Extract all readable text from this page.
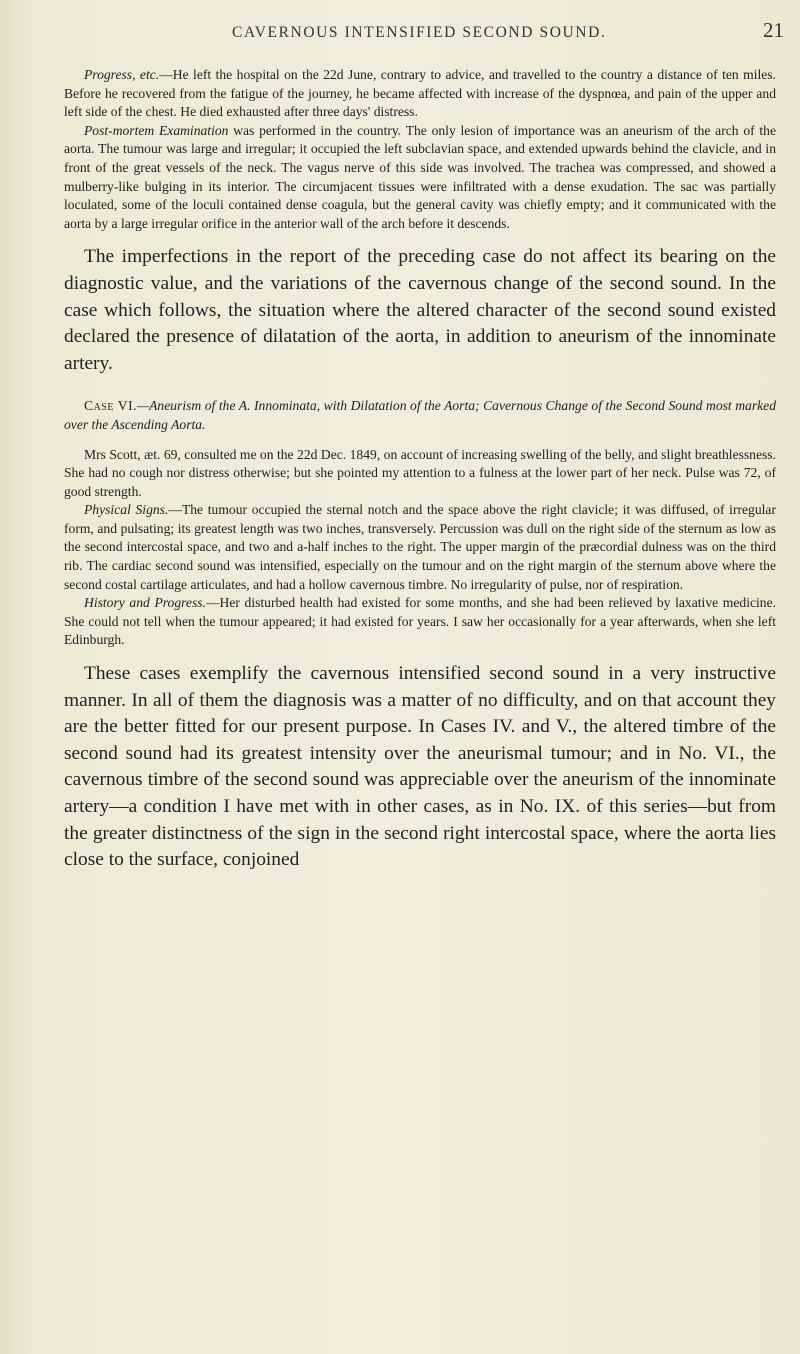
CAVERNOUS INTENSIFIED SECOND SOUND.	21

Progress, etc.—He left the hospital on the 22d June, contrary to advice, and travelled to the country a distance of ten miles. Before he recovered from the fatigue of the journey, he became affected with increase of the dyspnœa, and pain of the upper and left side of the chest. He died exhausted after three days' distress.

Post-mortem Examination was performed in the country. The only lesion of importance was an aneurism of the arch of the aorta. The tumour was large and irregular; it occupied the left subclavian space, and extended upwards behind the clavicle, and in front of the great vessels of the neck. The vagus nerve of this side was involved. The trachea was compressed, and showed a mulberry-like bulging in its interior. The circumjacent tissues were infiltrated with a dense exudation. The sac was partially loculated, some of the loculi contained dense coagula, but the general cavity was chiefly empty; and it communicated with the aorta by a large irregular orifice in the anterior wall of the arch before it descends.

The imperfections in the report of the preceding case do not affect its bearing on the diagnostic value, and the variations of the cavernous change of the second sound. In the case which follows, the situation where the altered character of the second sound existed declared the presence of dilatation of the aorta, in addition to aneurism of the innominate artery.

Case VI.—Aneurism of the A. Innominata, with Dilatation of the Aorta; Cavernous Change of the Second Sound most marked over the Ascending Aorta.

Mrs Scott, æt. 69, consulted me on the 22d Dec. 1849, on account of increasing swelling of the belly, and slight breathlessness. She had no cough nor distress otherwise; but she pointed my attention to a fulness at the lower part of her neck. Pulse was 72, of good strength.

Physical Signs.—The tumour occupied the sternal notch and the space above the right clavicle; it was diffused, of irregular form, and pulsating; its greatest length was two inches, transversely. Percussion was dull on the right side of the sternum as low as the second intercostal space, and two and a-half inches to the right. The upper margin of the præcordial dulness was on the third rib. The cardiac second sound was intensified, especially on the tumour and on the right margin of the sternum above where the second costal cartilage articulates, and had a hollow cavernous timbre. No irregularity of pulse, nor of respiration.

History and Progress.—Her disturbed health had existed for some months, and she had been relieved by laxative medicine. She could not tell when the tumour appeared; it had existed for years. I saw her occasionally for a year afterwards, when she left Edinburgh.

These cases exemplify the cavernous intensified second sound in a very instructive manner. In all of them the diagnosis was a matter of no difficulty, and on that account they are the better fitted for our present purpose. In Cases IV. and V., the altered timbre of the second sound had its greatest intensity over the aneurismal tumour; and in No. VI., the cavernous timbre of the second sound was appreciable over the aneurism of the innominate artery—a condition I have met with in other cases, as in No. IX. of this series—but from the greater distinctness of the sign in the second right intercostal space, where the aorta lies close to the surface, conjoined
